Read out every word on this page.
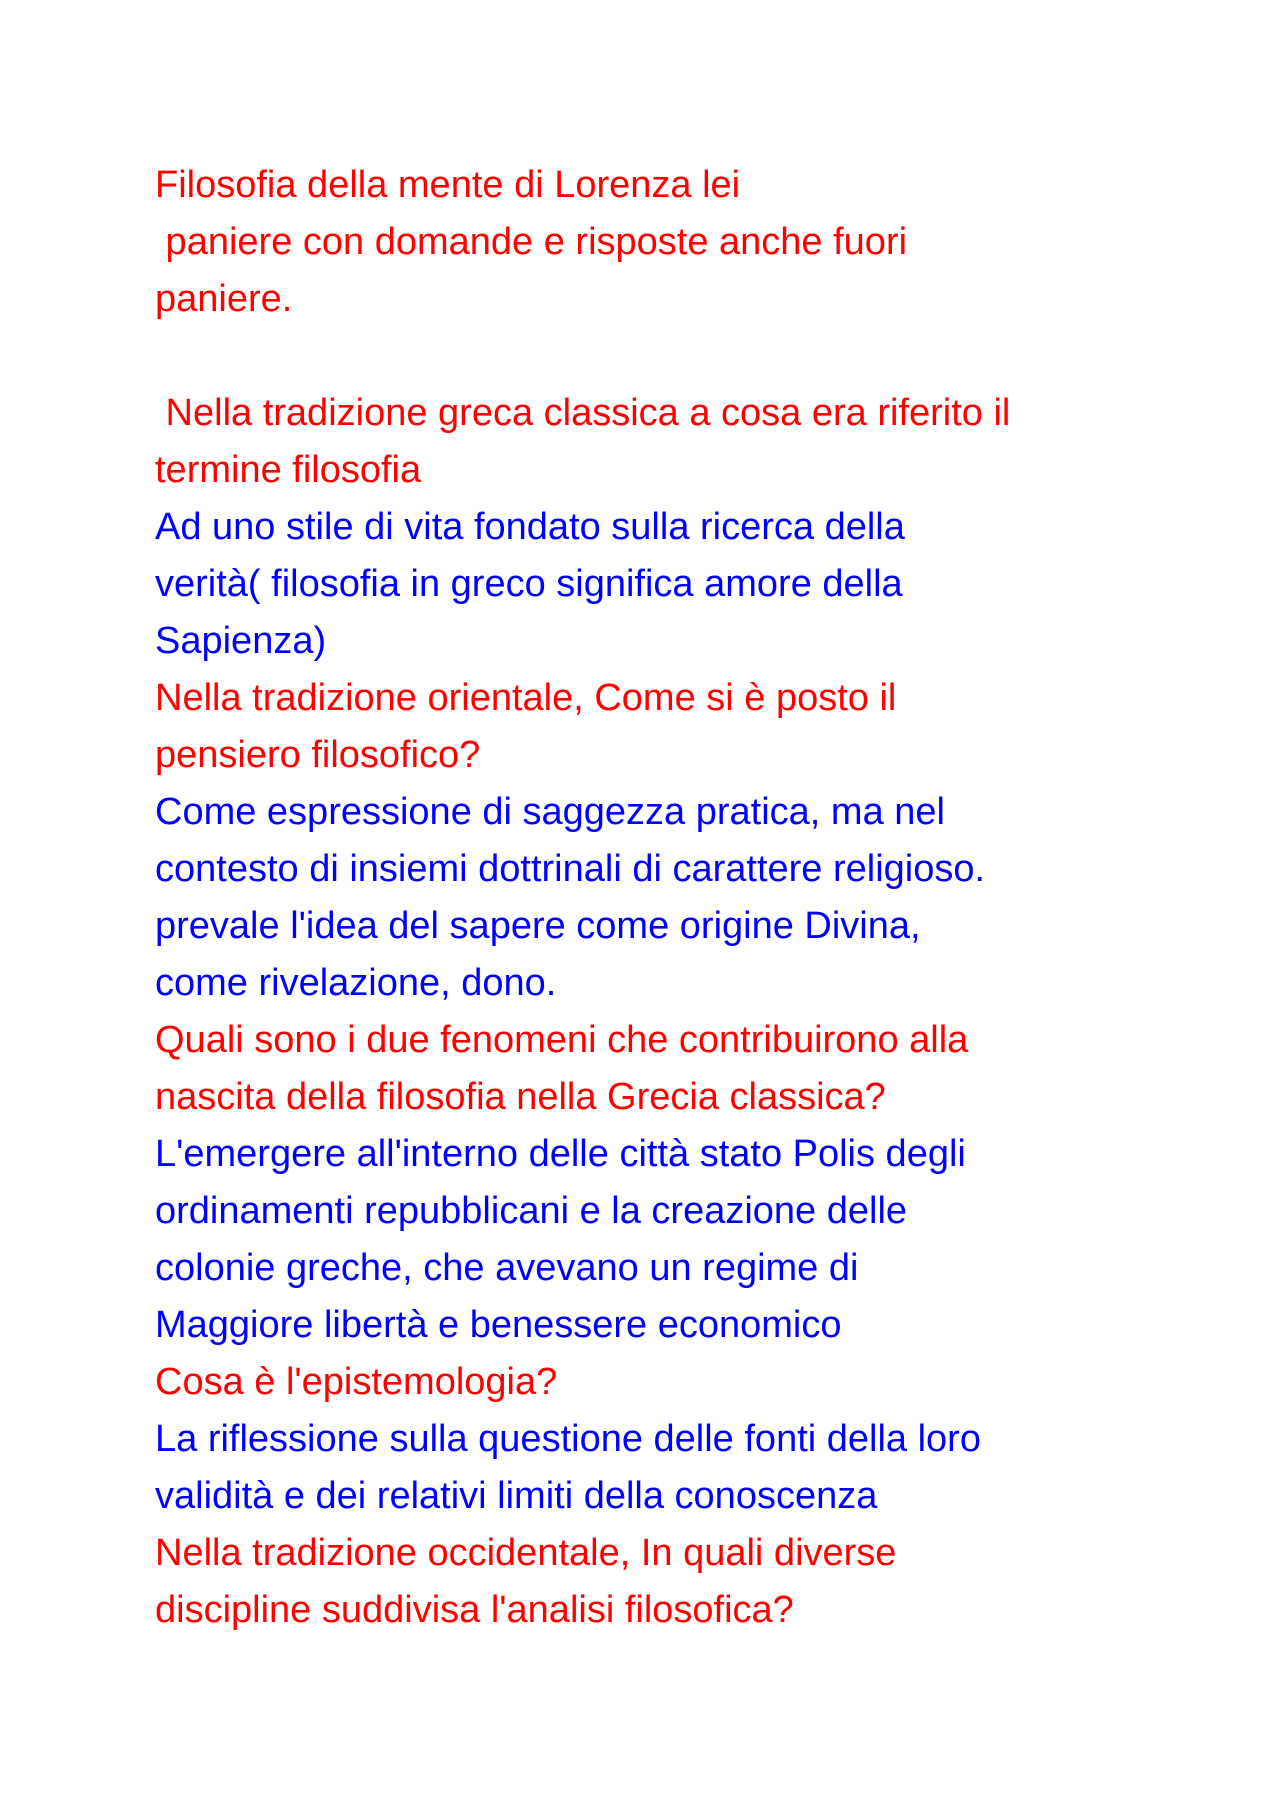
Filosofia della mente di Lorenza lei
paniere con domande e risposte anche fuori
paniere.
Nella tradizione greca classica a cosa era riferito il
termine filosofia
Ad uno stile di vita fondato sulla ricerca della
verità( filosofia in greco significa amore della
Sapienza)
Nella tradizione orientale, Come si è posto il
pensiero filosofico?
Come espressione di saggezza pratica, ma nel
contesto di insiemi dottrinali di carattere religioso.
prevale l'idea del sapere come origine Divina,
come rivelazione, dono.
Quali sono i due fenomeni che contribuirono alla
nascita della filosofia nella Grecia classica?
L'emergere all'interno delle città stato Polis degli
ordinamenti repubblicani e la creazione delle
colonie greche, che avevano un regime di
Maggiore libertà e benessere economico
Cosa è l'epistemologia?
La riflessione sulla questione delle fonti della loro
validità e dei relativi limiti della conoscenza
Nella tradizione occidentale, In quali diverse
discipline suddivisa l'analisi filosofica?
